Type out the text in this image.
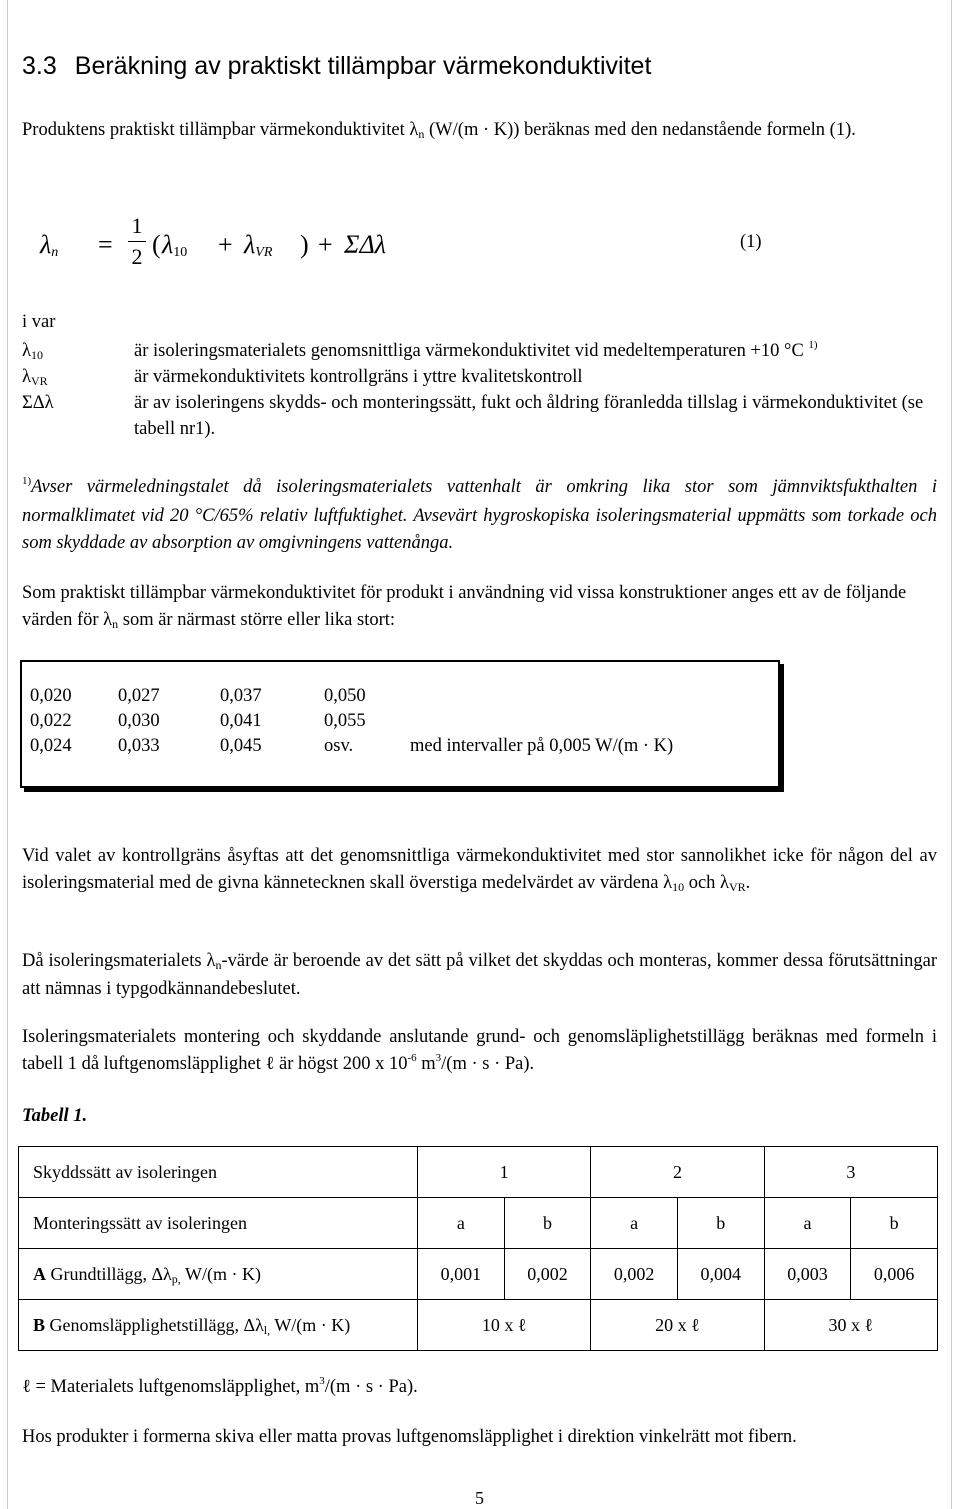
3.3 Beräkning av praktiskt tillämpbar värmekonduktivitet

Produktens praktiskt tillämpbar värmekonduktivitet λn (W/(m · K)) beräknas med den nedanstående formeln (1).

λn =
1
2 ( λ10 + λVR ) + ΣΔλ	(1)
i var
λ10	är isoleringsmaterialets genomsnittliga värmekonduktivitet vid medeltemperaturen +10 °C $^{1)}$
λVR	är värmekonduktivitets kontrollgräns i yttre kvalitetskontroll
ΣΔλ	är av isoleringens skydds- och monteringssätt, fukt och åldring föranledda tillslag i värmekonduktivitet (se tabell nr1).

$^{1)}$Avser värmeledningstalet då isoleringsmaterialets vattenhalt är omkring lika stor som jämnviktsfukthalten i normalklimatet vid 20 °C/65% relativ luftfuktighet. Avsevärt hygroskopiska isoleringsmaterial uppmätts som torkade och som skyddade av absorption av omgivningens vattenånga.

Som praktiskt tillämpbar värmekonduktivitet för produkt i användning vid vissa konstruktioner anges ett av de följande värden för λn som är närmast större eller lika stort:

0,020	0,027	0,037	0,050	
0,022	0,030	0,041	0,055	
0,024	0,033	0,045	osv.	med intervaller på 0,005 W/(m · K)

Vid valet av kontrollgräns åsyftas att det genomsnittliga värmekonduktivitet med stor sannolikhet icke för någon del av isoleringsmaterial med de givna kännetecknen skall överstiga medelvärdet av värdena λ10 och λVR.

Då isoleringsmaterialets λn-värde är beroende av det sätt på vilket det skyddas och monteras, kommer dessa förutsättningar att nämnas i typgodkännandebeslutet.

Isoleringsmaterialets montering och skyddande anslutande grund- och genomsläplighetstillägg beräknas med formeln i tabell 1 då luftgenomsläpplighet ℓ är högst 200 x $10^{-6}$ $m^3/(m \cdot s \cdot Pa)$.

Tabell 1.
Skyddssätt av isoleringen	1		2		3	
Monteringssätt av isoleringen	a	b	a	b	a	b
A Grundtillägg, Δλp, W/(m · K)	0,001	0,002	0,002	0,004	0,003	0,006
B Genomsläpplighetstillägg, Δλl, W/(m · K)	10 x ℓ		20 x ℓ		30 x ℓ	

ℓ = Materialets luftgenomsläpplighet, $m^3/(m \cdot s \cdot Pa)$.

Hos produkter i formerna skiva eller matta provas luftgenomsläpplighet i direktion vinkelrätt mot fibern.

5
